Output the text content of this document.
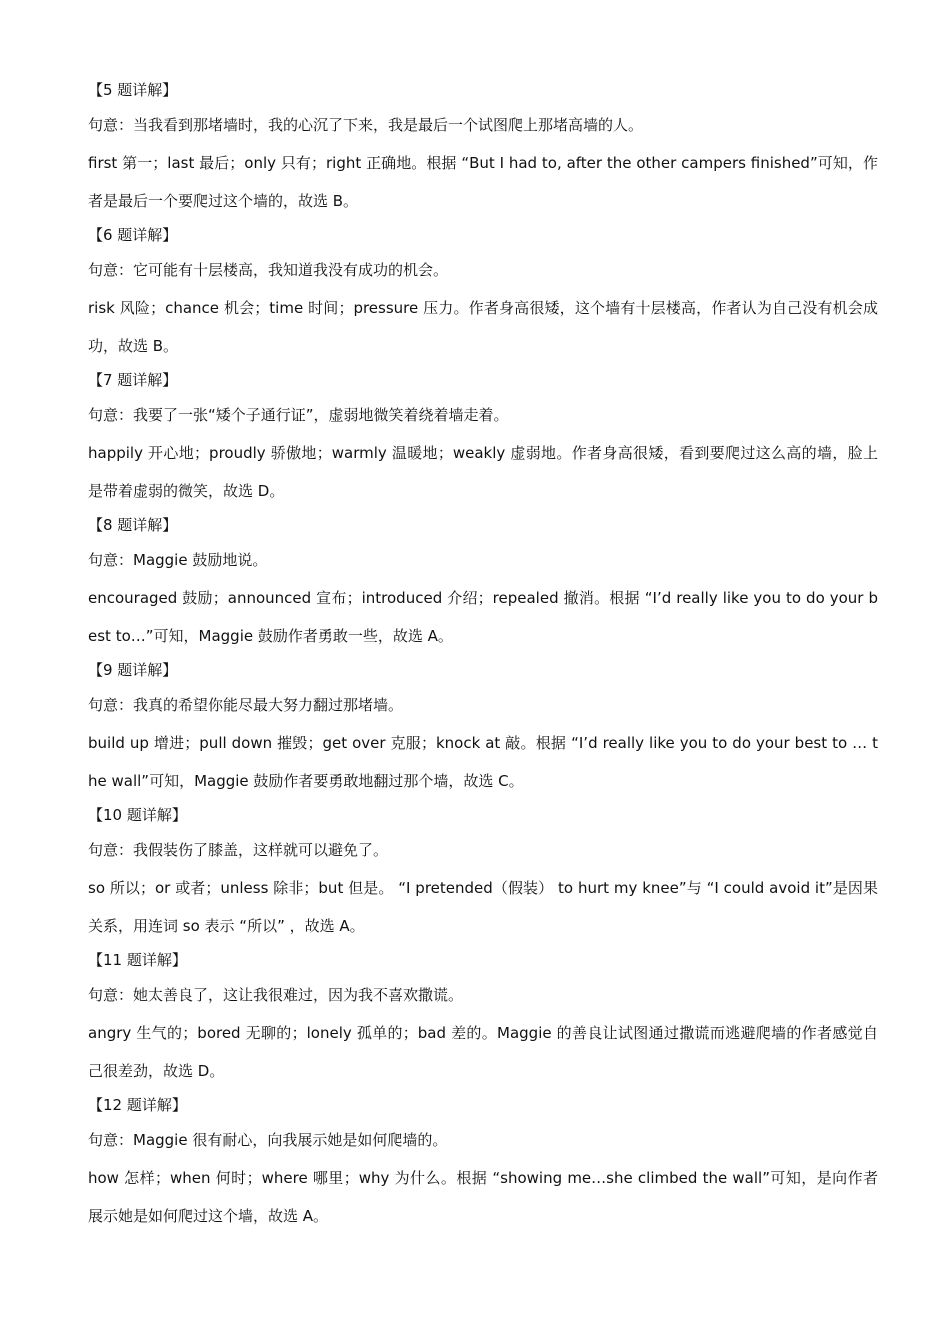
【5 题详解】
句意：当我看到那堵墙时，我的心沉了下来，我是最后一个试图爬上那堵高墙的人。
first 第一；last 最后；only 只有；right 正确地。根据 “But I had to, after the other campers finished”可知，作者是最后一个要爬过这个墙的，故选 B。
【6 题详解】
句意：它可能有十层楼高，我知道我没有成功的机会。
risk 风险；chance 机会；time 时间；pressure 压力。作者身高很矮，这个墙有十层楼高，作者认为自己没有机会成功，故选 B。
【7 题详解】
句意：我要了一张“矮个子通行证”，虚弱地微笑着绕着墙走着。
happily 开心地；proudly 骄傲地；warmly 温暖地；weakly 虚弱地。作者身高很矮，看到要爬过这么高的墙，脸上是带着虚弱的微笑，故选 D。
【8 题详解】
句意：Maggie 鼓励地说。
encouraged 鼓励；announced 宣布；introduced 介绍；repealed 撤消。根据 “I’d really like you to do your best to…”可知，Maggie 鼓励作者勇敢一些，故选 A。
【9 题详解】
句意：我真的希望你能尽最大努力翻过那堵墙。
build up 增进；pull down 摧毁；get over 克服；knock at 敲。根据 “I’d really like you to do your best to … the wall”可知，Maggie 鼓励作者要勇敢地翻过那个墙，故选 C。
【10 题详解】
句意：我假装伤了膝盖，这样就可以避免了。
so 所以；or 或者；unless 除非；but 但是。 “I pretended（假装） to hurt my knee”与 “I could avoid it”是因果关系，用连词 so 表示 “所以” ，故选 A。
【11 题详解】
句意：她太善良了，这让我很难过，因为我不喜欢撒谎。
angry 生气的；bored 无聊的；lonely 孤单的；bad 差的。Maggie 的善良让试图通过撒谎而逃避爬墙的作者感觉自己很差劲，故选 D。
【12 题详解】
句意：Maggie 很有耐心，向我展示她是如何爬墙的。
how 怎样；when 何时；where 哪里；why 为什么。根据 “showing me…she climbed the wall”可知，是向作者展示她是如何爬过这个墙，故选 A。
